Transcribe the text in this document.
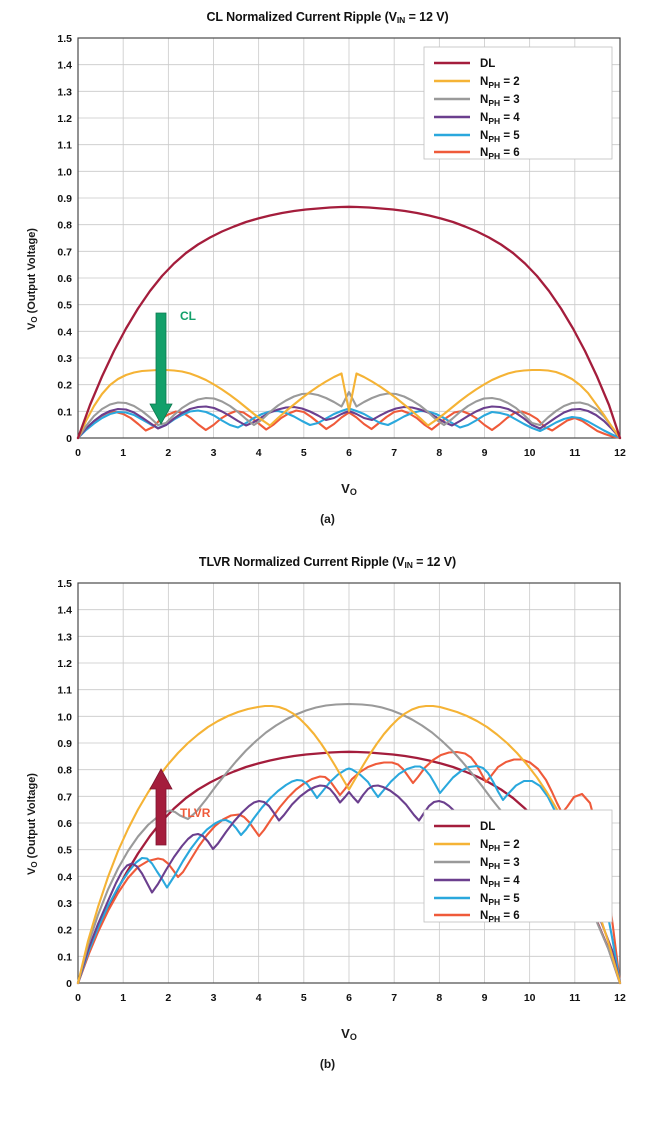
CL Normalized Current Ripple ($V_{IN} = 12$ V)
$V_O$ (Output Voltage)
0
0.1
0.2
0.3
0.4
0.5
0.6
0.7
0.8
0.9
1.0
1.1
1.2
1.3
1.4
1.5
0	1	2	3	4	5	6	7	8	9	10	11	12
CL
DL
$N_{PH} = 2$
$N_{PH} = 3$
$N_{PH} = 4$
$N_{PH} = 5$
$N_{PH} = 6$
$V_O$
(a)
TLVR Normalized Current Ripple ($V_{IN} = 12$ V)
$V_O$ (Output Voltage)
0
0.1
0.2
0.3
0.4
0.5
0.6
0.7
0.8
0.9
1.0
1.1
1.2
1.3
1.4
1.5
0	1	2	3	4	5	6	7	8	9	10	11	12
TLVR
DL
$N_{PH} = 2$
$N_{PH} = 3$
$N_{PH} = 4$
$N_{PH} = 5$
$N_{PH} = 6$
$V_O$
(b)
